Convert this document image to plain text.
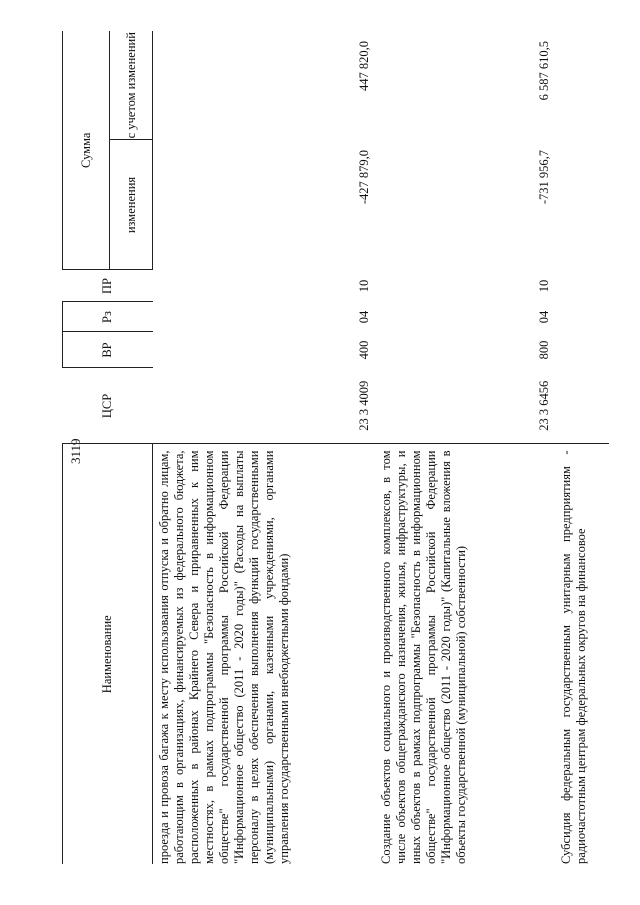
3119
Наименование	ЦСР	ВР	Рз	ПР	Сумма	
					изменения	с учетом изменений

проезда и провоза багажа к месту использования отпуска и обратно лицам, работающим в организациях, финансируемых из федерального бюджета, расположенных в районах Крайнего Севера и приравненных к ним местностях, в рамках подпрограммы "Безопасность в информационном обществе" государственной программы Российской Федерации "Информационное общество (2011 - 2020 годы)" (Расходы на выплаты персоналу в целях обеспечения выполнения функций государственными (муниципальными) органами, казенными учреждениями, органами управления государственными внебюджетными фондами)	23 3 4009	400	04	10	-427 879,0	447 820,0

Создание объектов социального и производственного комплексов, в том числе объектов общегражданского назначения, жилья, инфраструктуры, и иных объектов в рамках подпрограммы "Безопасность в информационном обществе" государственной программы Российской Федерации "Информационное общество (2011 - 2020 годы)" (Капитальные вложения в объекты государственной (муниципальной) собственности)	23 3 6456	800	04	10	-731 956,7	6 587 610,5

Субсидия федеральным государственным унитарным предприятиям - радиочастотным центрам федеральных округов на финансовое						
